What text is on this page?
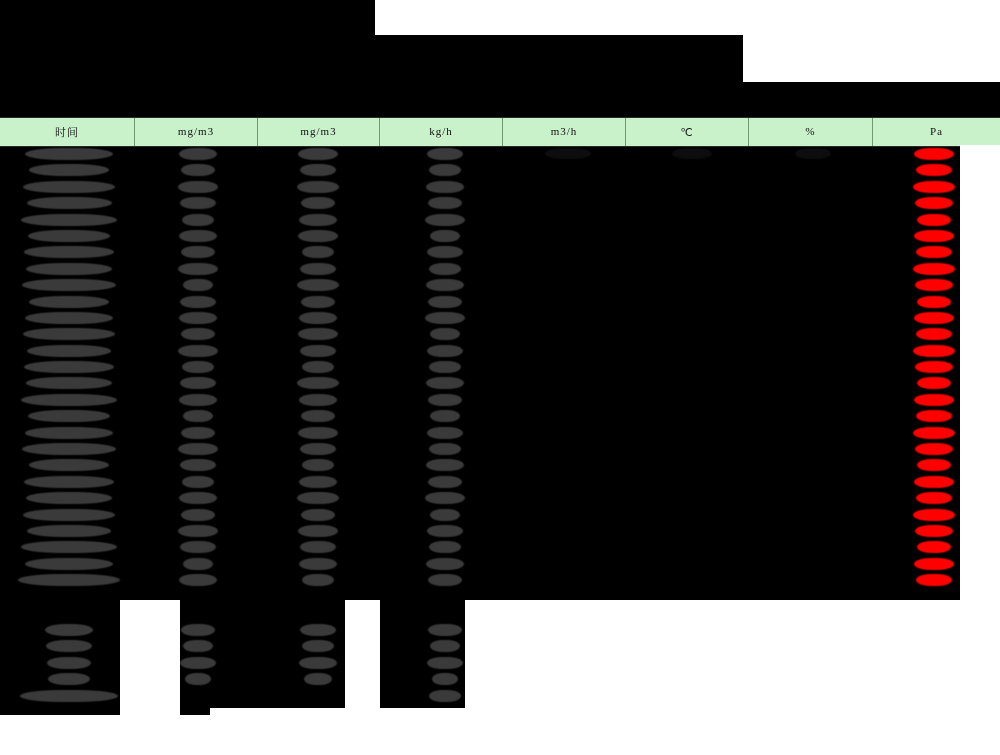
时间	mg/m3	mg/m3	kg/h	m3/h	℃	%	Pa
